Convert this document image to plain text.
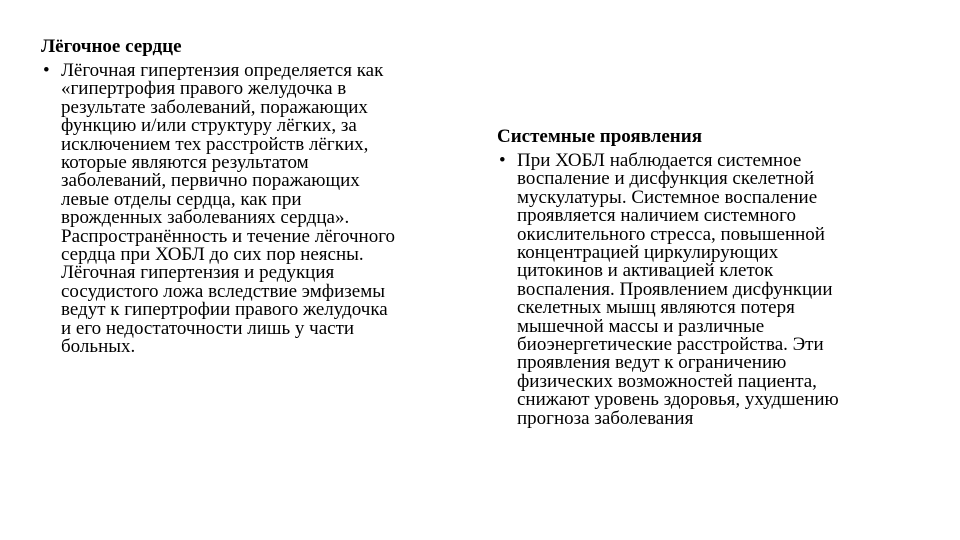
Лёгочное сердце
• Лёгочная гипертензия определяется как
«гипертрофия правого желудочка в
результате заболеваний, поражающих
функцию и/или структуру лёгких, за
исключением тех расстройств лёгких,
которые являются результатом
заболеваний, первично поражающих
левые отделы сердца, как при
врожденных заболеваниях сердца».
Распространённость и течение лёгочного
сердца при ХОБЛ до сих пор неясны.
Лёгочная гипертензия и редукция
сосудистого ложа вследствие эмфиземы
ведут к гипертрофии правого желудочка
и его недостаточности лишь у части
больных.
Системные проявления
• При ХОБЛ наблюдается системное
воспаление и дисфункция скелетной
мускулатуры. Системное воспаление
проявляется наличием системного
окислительного стресса, повышенной
концентрацией циркулирующих
цитокинов и активацией клеток
воспаления. Проявлением дисфункции
скелетных мышц являются потеря
мышечной массы и различные
биоэнергетические расстройства. Эти
проявления ведут к ограничению
физических возможностей пациента,
снижают уровень здоровья, ухудшению
прогноза заболевания
